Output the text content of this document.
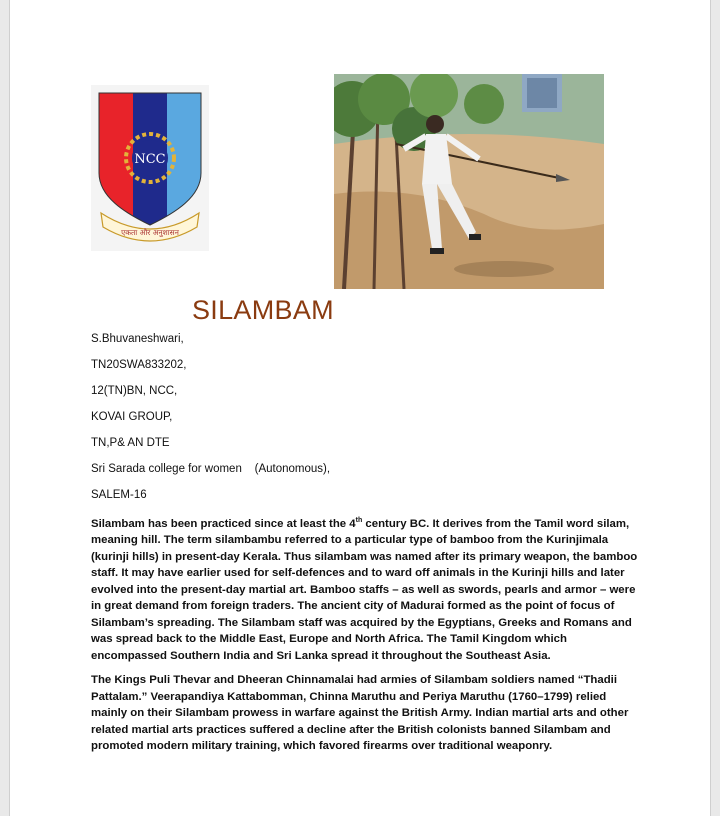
NCC
एकता और अनुशासन
SILAMBAM
S.Bhuvaneshwari,
TN20SWA833202,
12(TN)BN, NCC,
KOVAI GROUP,
TN,P& AN DTE
Sri Sarada college for women    (Autonomous),
SALEM-16

Silambam has been practiced since at least the 4th century BC. It derives from the Tamil word silam, meaning hill. The term silambambu referred to a particular type of bamboo from the Kurinjimala (kurinji hills) in present-day Kerala. Thus silambam was named after its primary weapon, the bamboo staff. It may have earlier used for self-defences and to ward off animals in the Kurinji hills and later evolved into the present-day martial art. Bamboo staffs – as well as swords, pearls and armor – were in great demand from foreign traders. The ancient city of Madurai formed as the point of focus of Silambam’s spreading. The Silambam staff was acquired by the Egyptians, Greeks and Romans and was spread back to the Middle East, Europe and North Africa. The Tamil Kingdom which encompassed Southern India and Sri Lanka spread it throughout the Southeast Asia.

The Kings Puli Thevar and Dheeran Chinnamalai had armies of Silambam soldiers named “Thadii Pattalam.” Veerapandiya Kattabomman, Chinna Maruthu and Periya Maruthu (1760–1799) relied mainly on their Silambam prowess in warfare against the British Army. Indian martial arts and other related martial arts practices suffered a decline after the British colonists banned Silambam and promoted modern military training, which favored firearms over traditional weaponry.
